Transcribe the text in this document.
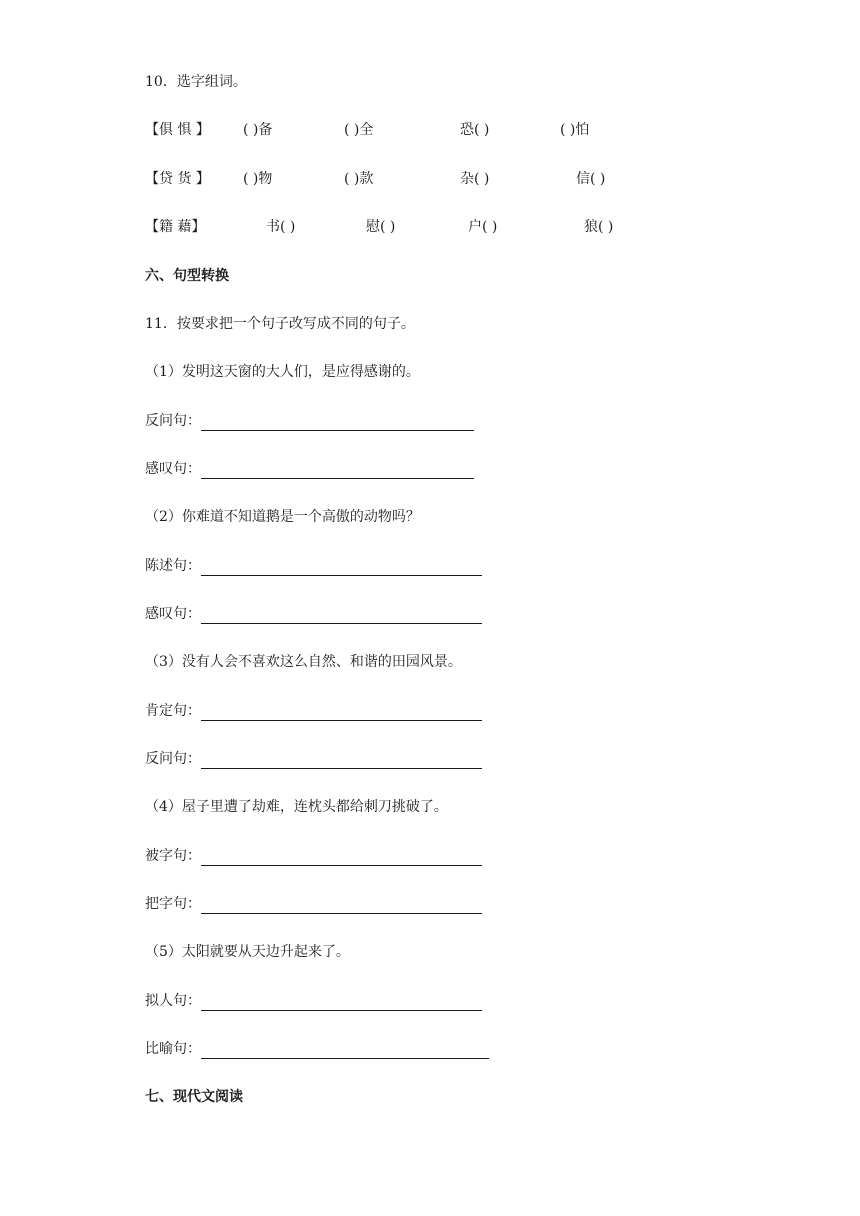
10．选字组词。
【俱 惧 】 ( )备	( )全	恐( )	( )怕
【贷 货 】 ( )物	( )款	杂( )	信( )
【籍 藉】	书( )	慰( )	户( )	狼( )
六、句型转换
11．按要求把一个句子改写成不同的句子。
（1）发明这天窗的大人们，是应得感谢的。
反问句：
感叹句：
（2）你难道不知道鹅是一个高傲的动物吗？
陈述句：
感叹句：
（3）没有人会不喜欢这么自然、和谐的田园风景。
肯定句：
反问句：
（4）屋子里遭了劫难，连枕头都给刺刀挑破了。
被字句：
把字句：
（5）太阳就要从天边升起来了。
拟人句：
比喻句：
七、现代文阅读
